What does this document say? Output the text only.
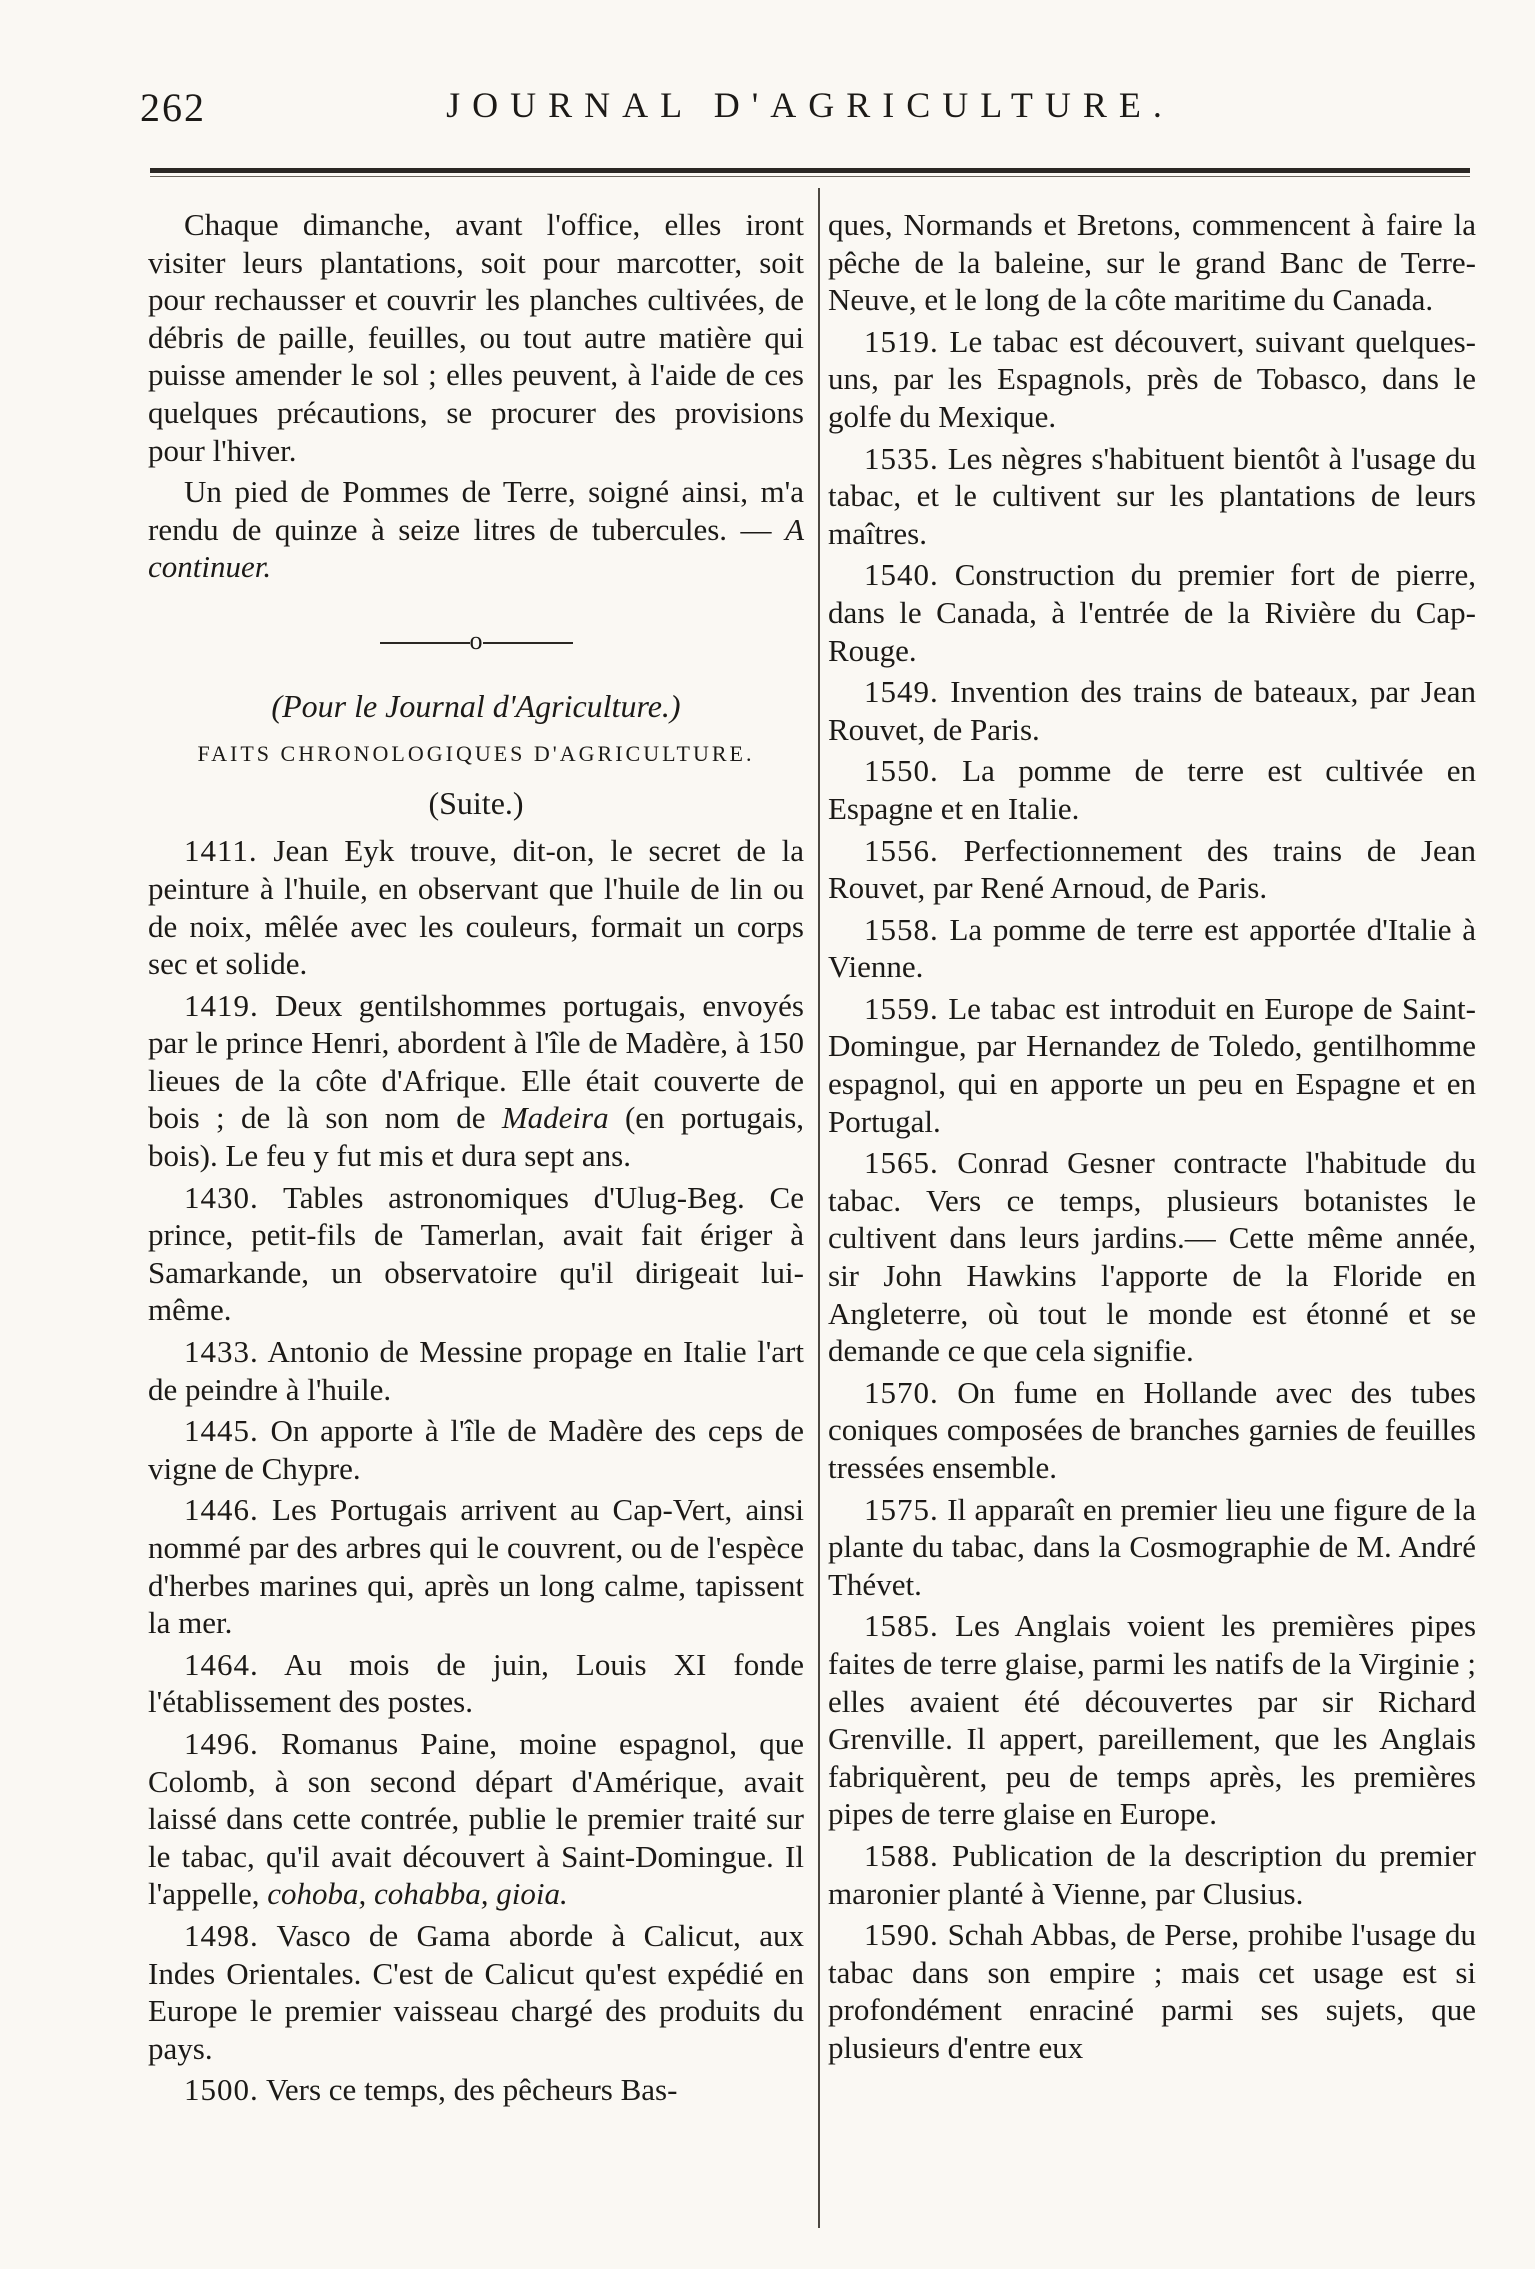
262	JOURNAL D'AGRICULTURE.

Chaque dimanche, avant l'office, elles iront visiter leurs plantations, soit pour marcotter, soit pour rechausser et couvrir les planches cultivées, de débris de paille, feuilles, ou tout autre matière qui puisse amender le sol ; elles peuvent, à l'aide de ces quelques précautions, se procurer des provisions pour l'hiver.

Un pied de Pommes de Terre, soigné ainsi, m'a rendu de quinze à seize litres de tubercules. — A continuer.

o
(Pour le Journal d'Agriculture.)
FAITS CHRONOLOGIQUES D'AGRICULTURE.
(Suite.)

1411. Jean Eyk trouve, dit-on, le secret de la peinture à l'huile, en observant que l'huile de lin ou de noix, mêlée avec les couleurs, formait un corps sec et solide.

1419. Deux gentilshommes portugais, envoyés par le prince Henri, abordent à l'île de Madère, à 150 lieues de la côte d'Afrique. Elle était couverte de bois ; de là son nom de Madeira (en portugais, bois). Le feu y fut mis et dura sept ans.

1430. Tables astronomiques d'Ulug-Beg. Ce prince, petit-fils de Tamerlan, avait fait ériger à Samarkande, un observatoire qu'il dirigeait lui-même.

1433. Antonio de Messine propage en Italie l'art de peindre à l'huile.

1445. On apporte à l'île de Madère des ceps de vigne de Chypre.

1446. Les Portugais arrivent au Cap-Vert, ainsi nommé par des arbres qui le couvrent, ou de l'espèce d'herbes marines qui, après un long calme, tapissent la mer.

1464. Au mois de juin, Louis XI fonde l'établissement des postes.

1496. Romanus Paine, moine espagnol, que Colomb, à son second départ d'Amérique, avait laissé dans cette contrée, publie le premier traité sur le tabac, qu'il avait découvert à Saint-Domingue. Il l'appelle, cohoba, cohabba, gioia.

1498. Vasco de Gama aborde à Calicut, aux Indes Orientales. C'est de Calicut qu'est expédié en Europe le premier vaisseau chargé des produits du pays.

1500. Vers ce temps, des pêcheurs Bas-

ques, Normands et Bretons, commencent à faire la pêche de la baleine, sur le grand Banc de Terre-Neuve, et le long de la côte maritime du Canada.

1519. Le tabac est découvert, suivant quelques-uns, par les Espagnols, près de Tobasco, dans le golfe du Mexique.

1535. Les nègres s'habituent bientôt à l'usage du tabac, et le cultivent sur les plantations de leurs maîtres.

1540. Construction du premier fort de pierre, dans le Canada, à l'entrée de la Rivière du Cap-Rouge.

1549. Invention des trains de bateaux, par Jean Rouvet, de Paris.

1550. La pomme de terre est cultivée en Espagne et en Italie.

1556. Perfectionnement des trains de Jean Rouvet, par René Arnoud, de Paris.

1558. La pomme de terre est apportée d'Italie à Vienne.

1559. Le tabac est introduit en Europe de Saint-Domingue, par Hernandez de Toledo, gentilhomme espagnol, qui en apporte un peu en Espagne et en Portugal.

1565. Conrad Gesner contracte l'habitude du tabac. Vers ce temps, plusieurs botanistes le cultivent dans leurs jardins.— Cette même année, sir John Hawkins l'apporte de la Floride en Angleterre, où tout le monde est étonné et se demande ce que cela signifie.

1570. On fume en Hollande avec des tubes coniques composées de branches garnies de feuilles tressées ensemble.

1575. Il apparaît en premier lieu une figure de la plante du tabac, dans la Cosmographie de M. André Thévet.

1585. Les Anglais voient les premières pipes faites de terre glaise, parmi les natifs de la Virginie ; elles avaient été découvertes par sir Richard Grenville. Il appert, pareillement, que les Anglais fabriquèrent, peu de temps après, les premières pipes de terre glaise en Europe.

1588. Publication de la description du premier maronier planté à Vienne, par Clusius.

1590. Schah Abbas, de Perse, prohibe l'usage du tabac dans son empire ; mais cet usage est si profondément enraciné parmi ses sujets, que plusieurs d'entre eux
